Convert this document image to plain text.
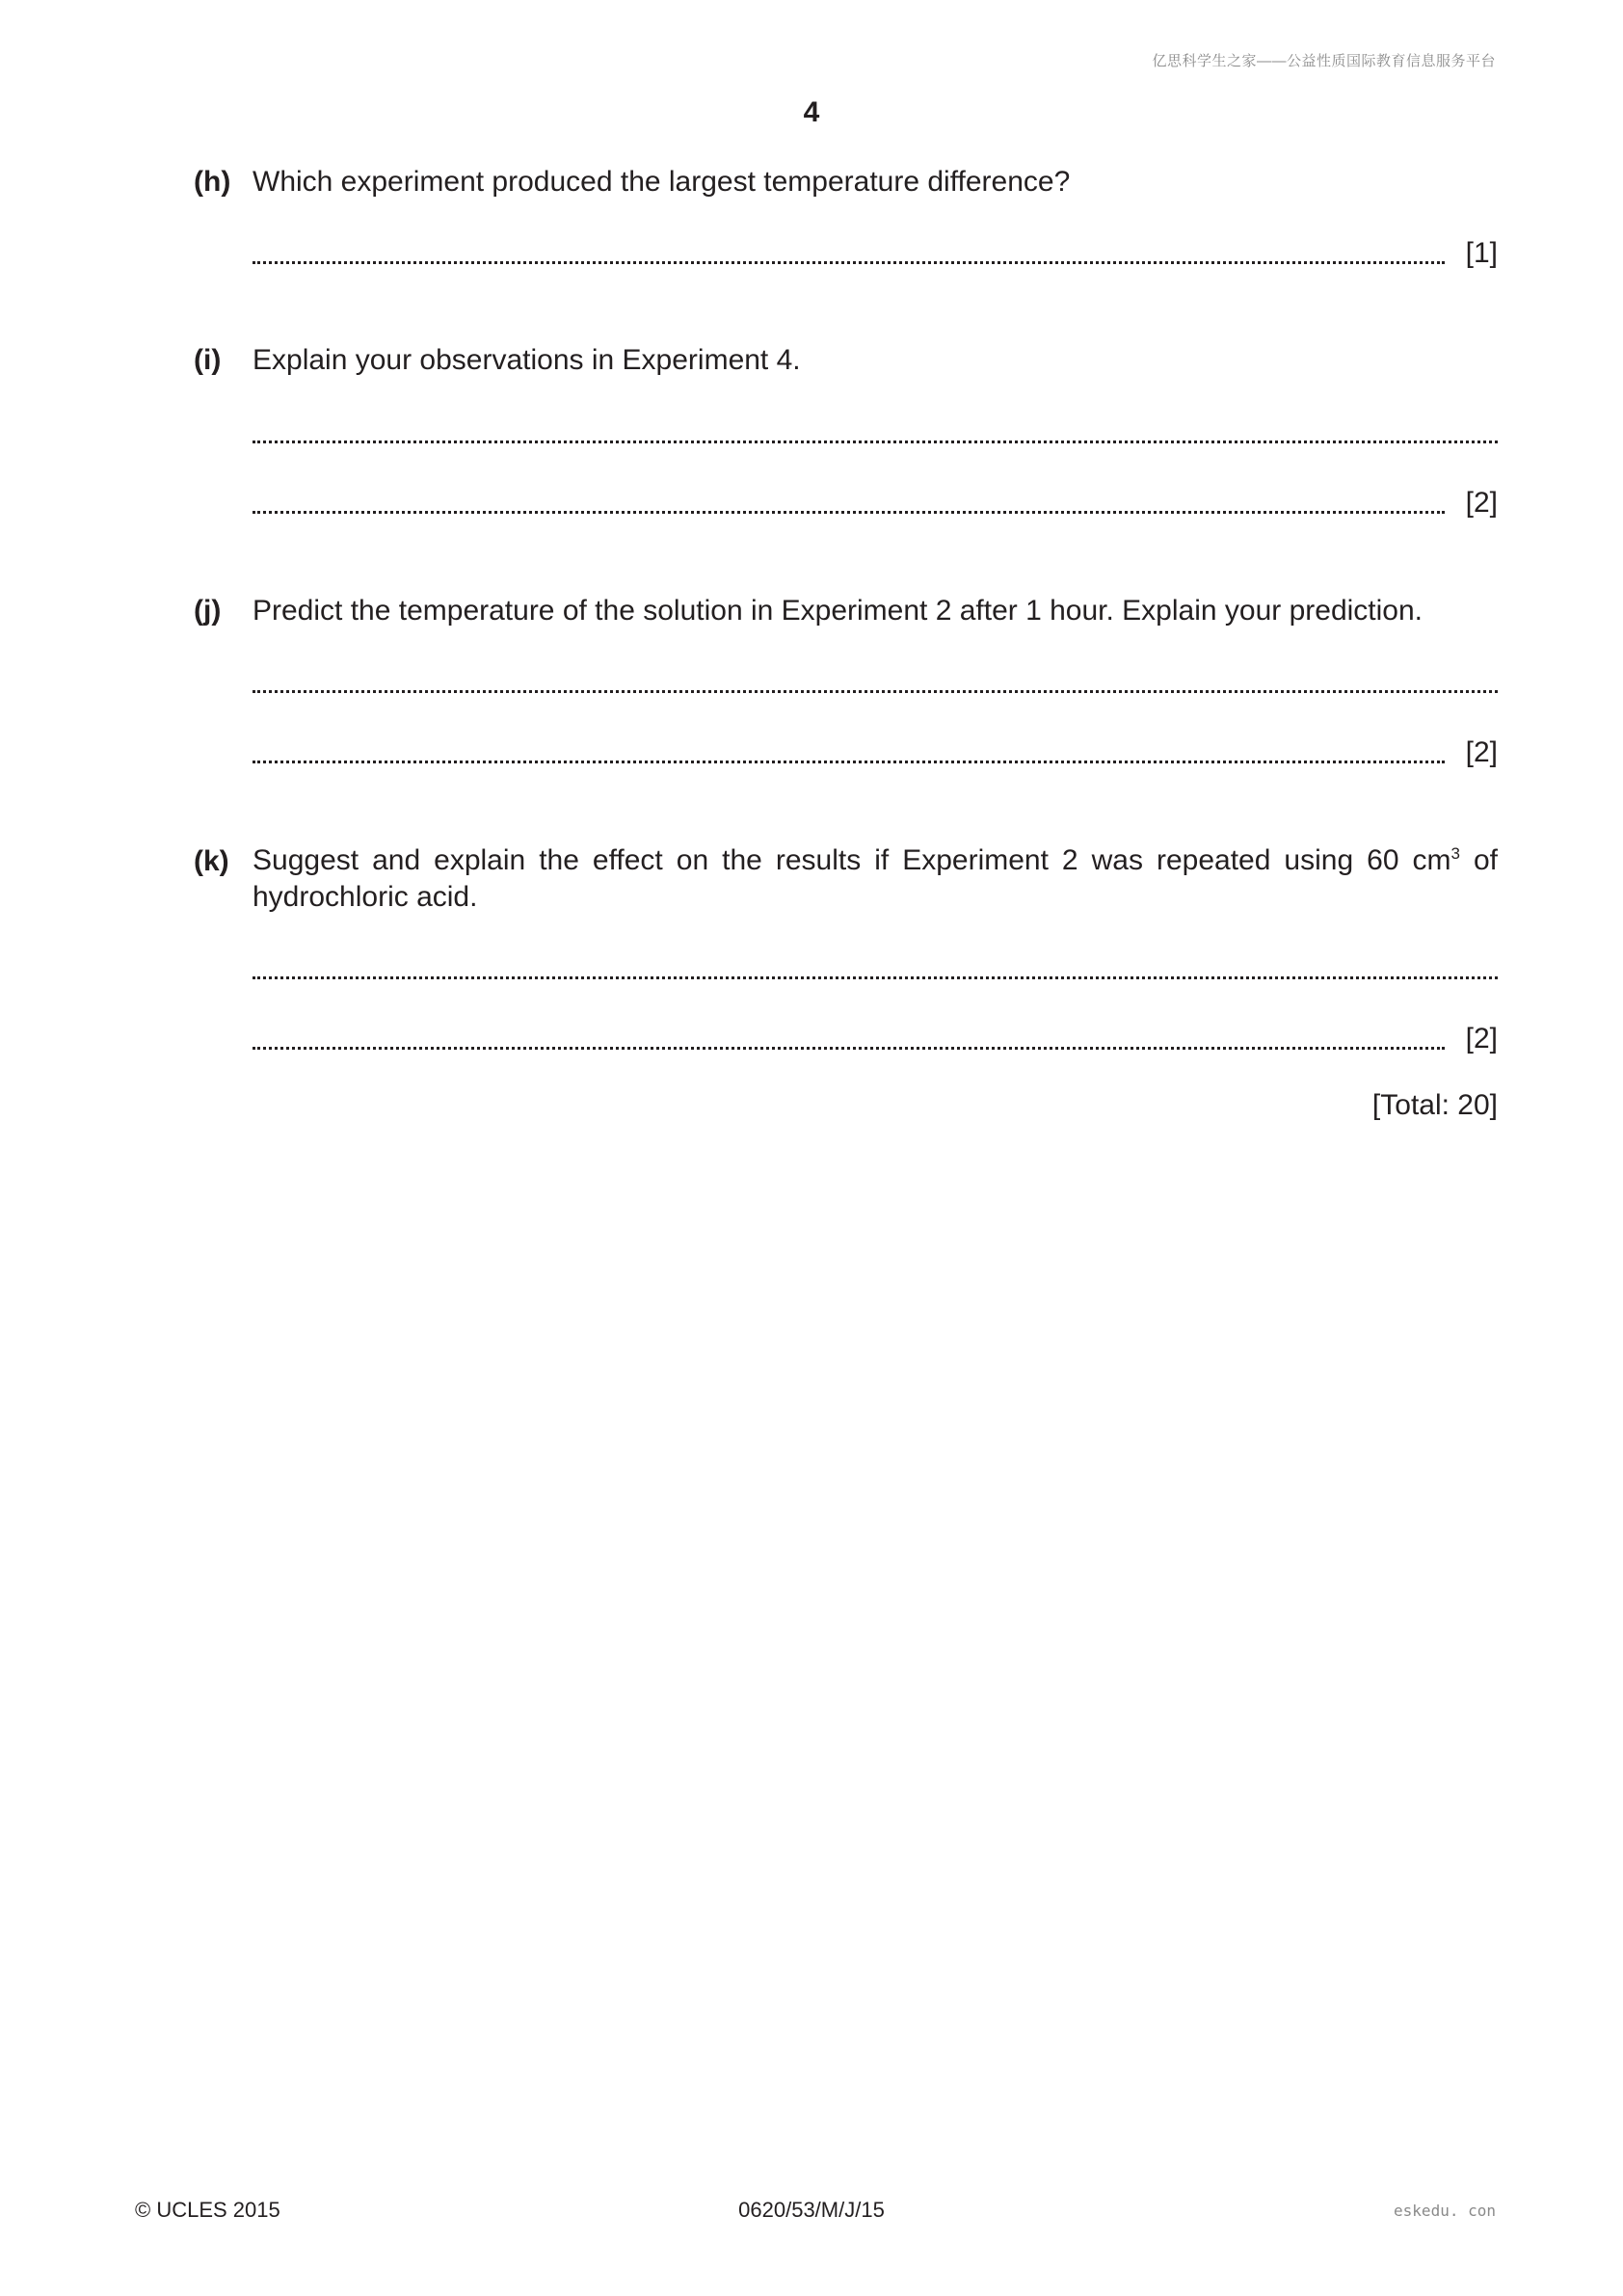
亿思科学生之家——公益性质国际教育信息服务平台
4
(h) Which experiment produced the largest temperature difference?
[1]
(i) Explain your observations in Experiment 4.
[2]
(j) Predict the temperature of the solution in Experiment 2 after 1 hour. Explain your prediction.
[2]
(k) Suggest and explain the effect on the results if Experiment 2 was repeated using 60 $cm^3$ of hydrochloric acid.
[2]
[Total: 20]
© UCLES 2015	0620/53/M/J/15	eskedu. con
